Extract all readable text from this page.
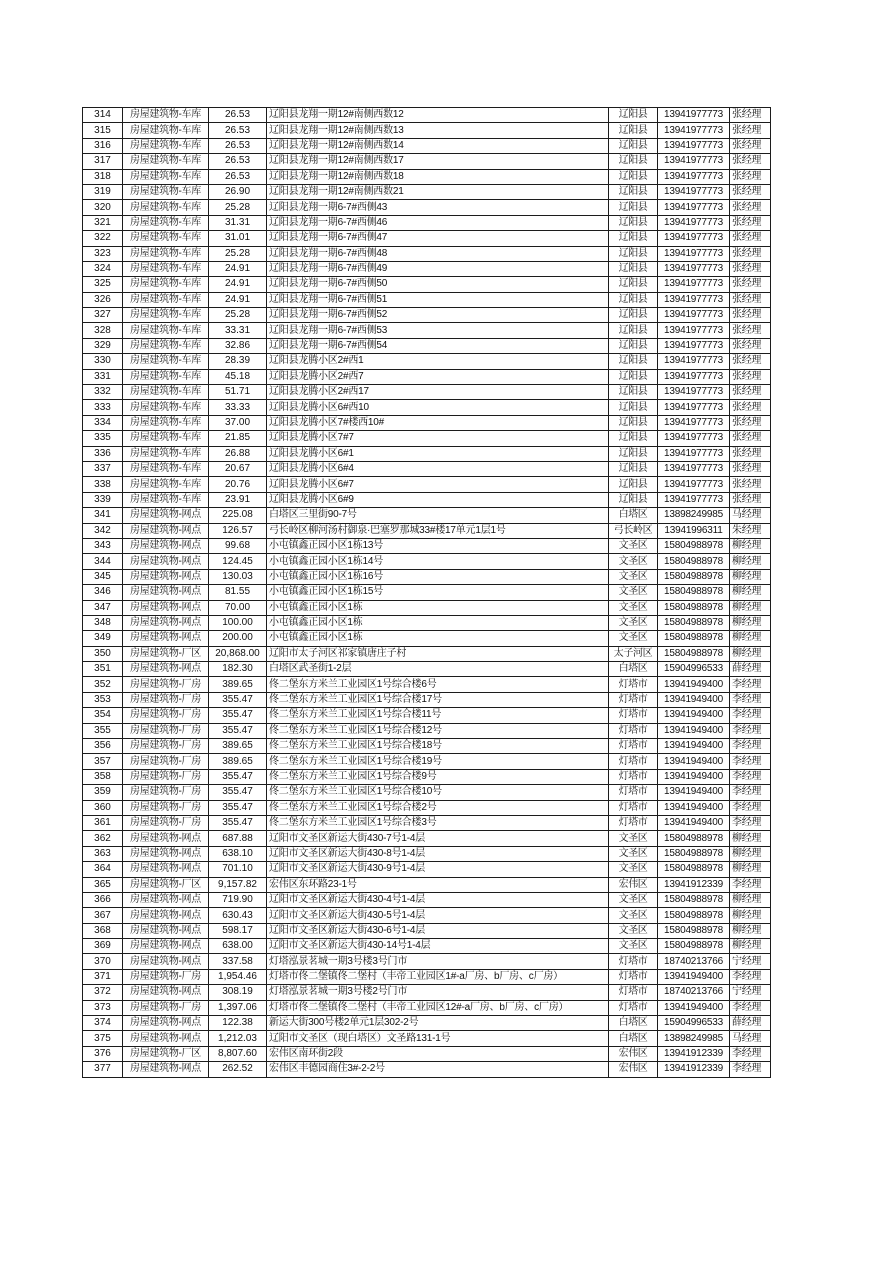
314	房屋建筑物-车库	26.53	辽阳县龙翔一期12#南侧西数12	辽阳县	13941977773	张经理
315	房屋建筑物-车库	26.53	辽阳县龙翔一期12#南侧西数13	辽阳县	13941977773	张经理
316	房屋建筑物-车库	26.53	辽阳县龙翔一期12#南侧西数14	辽阳县	13941977773	张经理
317	房屋建筑物-车库	26.53	辽阳县龙翔一期12#南侧西数17	辽阳县	13941977773	张经理
318	房屋建筑物-车库	26.53	辽阳县龙翔一期12#南侧西数18	辽阳县	13941977773	张经理
319	房屋建筑物-车库	26.90	辽阳县龙翔一期12#南侧西数21	辽阳县	13941977773	张经理
320	房屋建筑物-车库	25.28	辽阳县龙翔一期6-7#西侧43	辽阳县	13941977773	张经理
321	房屋建筑物-车库	31.31	辽阳县龙翔一期6-7#西侧46	辽阳县	13941977773	张经理
322	房屋建筑物-车库	31.01	辽阳县龙翔一期6-7#西侧47	辽阳县	13941977773	张经理
323	房屋建筑物-车库	25.28	辽阳县龙翔一期6-7#西侧48	辽阳县	13941977773	张经理
324	房屋建筑物-车库	24.91	辽阳县龙翔一期6-7#西侧49	辽阳县	13941977773	张经理
325	房屋建筑物-车库	24.91	辽阳县龙翔一期6-7#西侧50	辽阳县	13941977773	张经理
326	房屋建筑物-车库	24.91	辽阳县龙翔一期6-7#西侧51	辽阳县	13941977773	张经理
327	房屋建筑物-车库	25.28	辽阳县龙翔一期6-7#西侧52	辽阳县	13941977773	张经理
328	房屋建筑物-车库	33.31	辽阳县龙翔一期6-7#西侧53	辽阳县	13941977773	张经理
329	房屋建筑物-车库	32.86	辽阳县龙翔一期6-7#西侧54	辽阳县	13941977773	张经理
330	房屋建筑物-车库	28.39	辽阳县龙腾小区2#西1	辽阳县	13941977773	张经理
331	房屋建筑物-车库	45.18	辽阳县龙腾小区2#西7	辽阳县	13941977773	张经理
332	房屋建筑物-车库	51.71	辽阳县龙腾小区2#西17	辽阳县	13941977773	张经理
333	房屋建筑物-车库	33.33	辽阳县龙腾小区6#西10	辽阳县	13941977773	张经理
334	房屋建筑物-车库	37.00	辽阳县龙腾小区7#楼西10#	辽阳县	13941977773	张经理
335	房屋建筑物-车库	21.85	辽阳县龙腾小区7#7	辽阳县	13941977773	张经理
336	房屋建筑物-车库	26.88	辽阳县龙腾小区6#1	辽阳县	13941977773	张经理
337	房屋建筑物-车库	20.67	辽阳县龙腾小区6#4	辽阳县	13941977773	张经理
338	房屋建筑物-车库	20.76	辽阳县龙腾小区6#7	辽阳县	13941977773	张经理
339	房屋建筑物-车库	23.91	辽阳县龙腾小区6#9	辽阳县	13941977773	张经理
341	房屋建筑物-网点	225.08	白塔区三里街90-7号	白塔区	13898249985	马经理
342	房屋建筑物-网点	126.57	弓长岭区柳河汤村御泉·巴塞罗那城33#楼17单元1层1号	弓长岭区	13941996311	朱经理
343	房屋建筑物-网点	99.68	小屯镇鑫正园小区1栋13号	文圣区	15804988978	柳经理
344	房屋建筑物-网点	124.45	小屯镇鑫正园小区1栋14号	文圣区	15804988978	柳经理
345	房屋建筑物-网点	130.03	小屯镇鑫正园小区1栋16号	文圣区	15804988978	柳经理
346	房屋建筑物-网点	81.55	小屯镇鑫正园小区1栋15号	文圣区	15804988978	柳经理
347	房屋建筑物-网点	70.00	小屯镇鑫正园小区1栋	文圣区	15804988978	柳经理
348	房屋建筑物-网点	100.00	小屯镇鑫正园小区1栋	文圣区	15804988978	柳经理
349	房屋建筑物-网点	200.00	小屯镇鑫正园小区1栋	文圣区	15804988978	柳经理
350	房屋建筑物-厂区	20,868.00	辽阳市太子河区祁家镇唐庄子村	太子河区	15804988978	柳经理
351	房屋建筑物-网点	182.30	白塔区武圣街1-2层	白塔区	15904996533	薛经理
352	房屋建筑物-厂房	389.65	佟二堡东方米兰工业园区1号综合楼6号	灯塔市	13941949400	李经理
353	房屋建筑物-厂房	355.47	佟二堡东方米兰工业园区1号综合楼17号	灯塔市	13941949400	李经理
354	房屋建筑物-厂房	355.47	佟二堡东方米兰工业园区1号综合楼11号	灯塔市	13941949400	李经理
355	房屋建筑物-厂房	355.47	佟二堡东方米兰工业园区1号综合楼12号	灯塔市	13941949400	李经理
356	房屋建筑物-厂房	389.65	佟二堡东方米兰工业园区1号综合楼18号	灯塔市	13941949400	李经理
357	房屋建筑物-厂房	389.65	佟二堡东方米兰工业园区1号综合楼19号	灯塔市	13941949400	李经理
358	房屋建筑物-厂房	355.47	佟二堡东方米兰工业园区1号综合楼9号	灯塔市	13941949400	李经理
359	房屋建筑物-厂房	355.47	佟二堡东方米兰工业园区1号综合楼10号	灯塔市	13941949400	李经理
360	房屋建筑物-厂房	355.47	佟二堡东方米兰工业园区1号综合楼2号	灯塔市	13941949400	李经理
361	房屋建筑物-厂房	355.47	佟二堡东方米兰工业园区1号综合楼3号	灯塔市	13941949400	李经理
362	房屋建筑物-网点	687.88	辽阳市文圣区新运大街430-7号1-4层	文圣区	15804988978	柳经理
363	房屋建筑物-网点	638.10	辽阳市文圣区新运大街430-8号1-4层	文圣区	15804988978	柳经理
364	房屋建筑物-网点	701.10	辽阳市文圣区新运大街430-9号1-4层	文圣区	15804988978	柳经理
365	房屋建筑物-厂区	9,157.82	宏伟区东环路23-1号	宏伟区	13941912339	李经理
366	房屋建筑物-网点	719.90	辽阳市文圣区新运大街430-4号1-4层	文圣区	15804988978	柳经理
367	房屋建筑物-网点	630.43	辽阳市文圣区新运大街430-5号1-4层	文圣区	15804988978	柳经理
368	房屋建筑物-网点	598.17	辽阳市文圣区新运大街430-6号1-4层	文圣区	15804988978	柳经理
369	房屋建筑物-网点	638.00	辽阳市文圣区新运大街430-14号1-4层	文圣区	15804988978	柳经理
370	房屋建筑物-网点	337.58	灯塔泓景茗城一期3号楼3号门市	灯塔市	18740213766	宁经理
371	房屋建筑物-厂房	1,954.46	灯塔市佟二堡镇佟二堡村（丰帝工业园区1#-a厂房、b厂房、c厂房）	灯塔市	13941949400	李经理
372	房屋建筑物-网点	308.19	灯塔泓景茗城一期3号楼2号门市	灯塔市	18740213766	宁经理
373	房屋建筑物-厂房	1,397.06	灯塔市佟二堡镇佟二堡村（丰帝工业园区12#-a厂房、b厂房、c厂房）	灯塔市	13941949400	李经理
374	房屋建筑物-网点	122.38	新运大街300号楼2单元1层302-2号	白塔区	15904996533	薛经理
375	房屋建筑物-网点	1,212.03	辽阳市文圣区（现白塔区）文圣路131-1号	白塔区	13898249985	马经理
376	房屋建筑物-厂区	8,807.60	宏伟区南环街2段	宏伟区	13941912339	李经理
377	房屋建筑物-网点	262.52	宏伟区丰德园商住3#-2-2号	宏伟区	13941912339	李经理
